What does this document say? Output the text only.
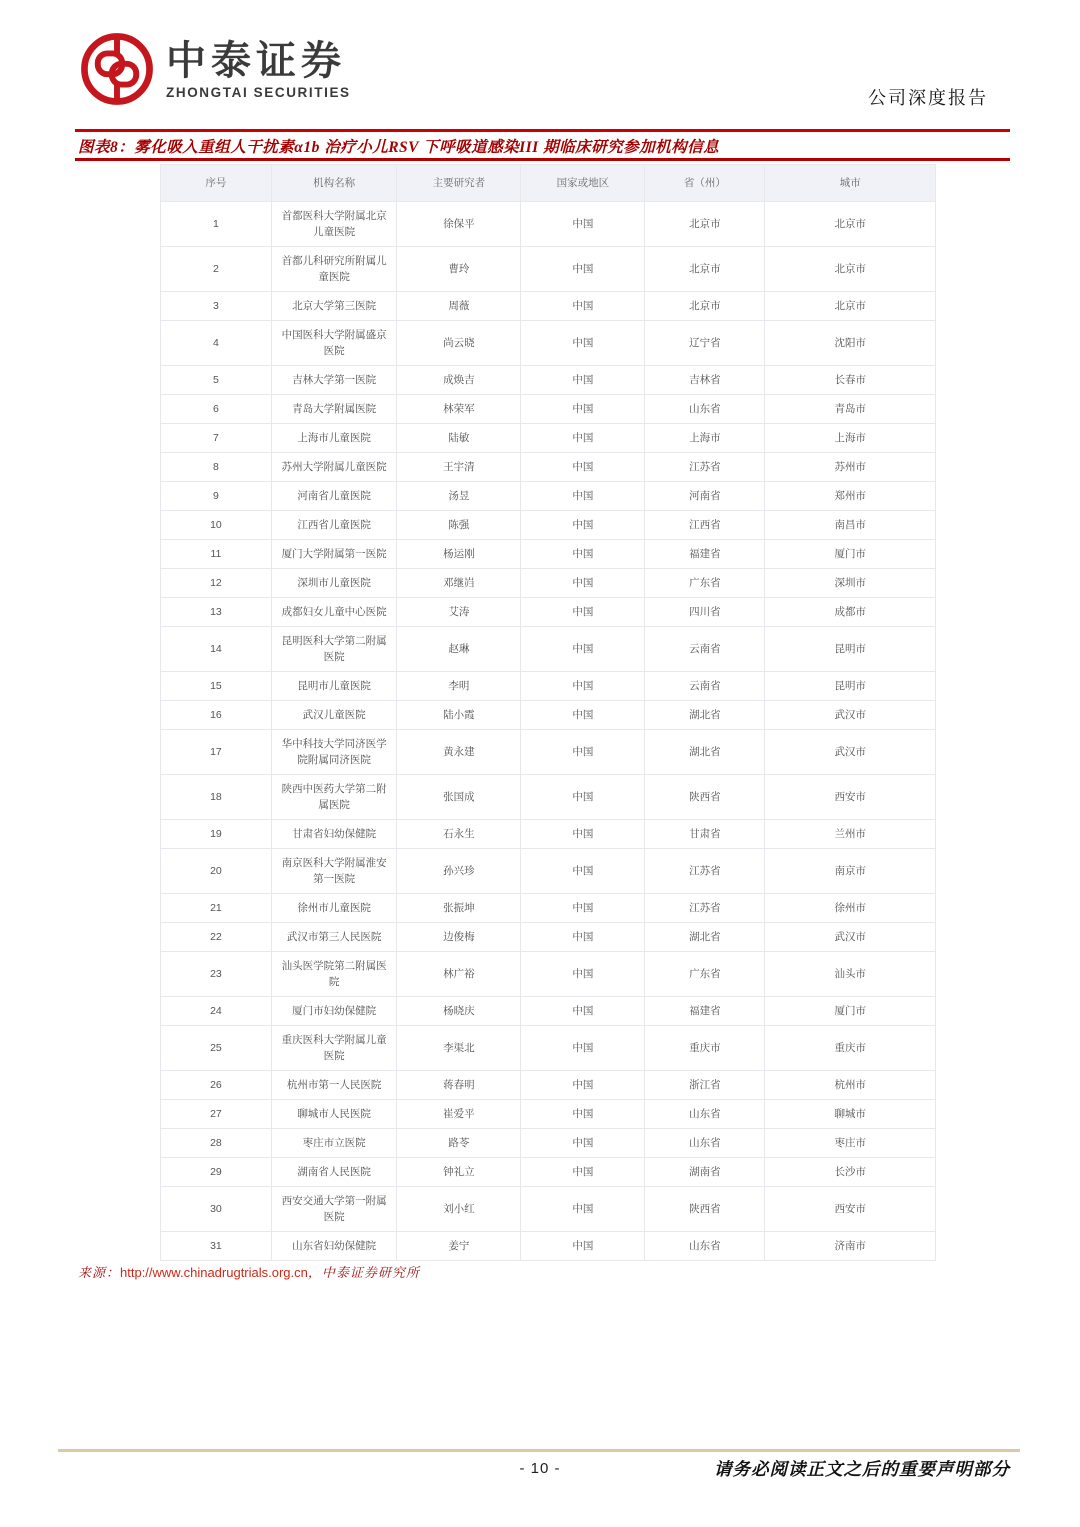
中泰证券
ZHONGTAI SECURITIES	公司深度报告
图表8：雾化吸入重组人干扰素α1b 治疗小儿RSV 下呼吸道感染III 期临床研究参加机构信息
序号	机构名称	主要研究者	国家或地区	省（州）	城市
1	首都医科大学附属北京儿童医院	徐保平	中国	北京市	北京市
2	首都儿科研究所附属儿童医院	曹玲	中国	北京市	北京市
3	北京大学第三医院	周薇	中国	北京市	北京市
4	中国医科大学附属盛京医院	尚云晓	中国	辽宁省	沈阳市
5	吉林大学第一医院	成焕吉	中国	吉林省	长春市
6	青岛大学附属医院	林荣军	中国	山东省	青岛市
7	上海市儿童医院	陆敏	中国	上海市	上海市
8	苏州大学附属儿童医院	王宇清	中国	江苏省	苏州市
9	河南省儿童医院	汤昱	中国	河南省	郑州市
10	江西省儿童医院	陈强	中国	江西省	南昌市
11	厦门大学附属第一医院	杨运刚	中国	福建省	厦门市
12	深圳市儿童医院	邓继岿	中国	广东省	深圳市
13	成都妇女儿童中心医院	艾涛	中国	四川省	成都市
14	昆明医科大学第二附属医院	赵琳	中国	云南省	昆明市
15	昆明市儿童医院	李明	中国	云南省	昆明市
16	武汉儿童医院	陆小霞	中国	湖北省	武汉市
17	华中科技大学同济医学院附属同济医院	黄永建	中国	湖北省	武汉市
18	陕西中医药大学第二附属医院	张国成	中国	陕西省	西安市
19	甘肃省妇幼保健院	石永生	中国	甘肃省	兰州市
20	南京医科大学附属淮安第一医院	孙兴珍	中国	江苏省	南京市
21	徐州市儿童医院	张振坤	中国	江苏省	徐州市
22	武汉市第三人民医院	边俊梅	中国	湖北省	武汉市
23	汕头医学院第二附属医院	林广裕	中国	广东省	汕头市
24	厦门市妇幼保健院	杨晓庆	中国	福建省	厦门市
25	重庆医科大学附属儿童医院	李渠北	中国	重庆市	重庆市
26	杭州市第一人民医院	蒋春明	中国	浙江省	杭州市
27	聊城市人民医院	崔爱平	中国	山东省	聊城市
28	枣庄市立医院	路苓	中国	山东省	枣庄市
29	湖南省人民医院	钟礼立	中国	湖南省	长沙市
30	西安交通大学第一附属医院	刘小红	中国	陕西省	西安市
31	山东省妇幼保健院	姜宁	中国	山东省	济南市
来源：http://www.chinadrugtrials.org.cn，中泰证券研究所
- 10 -	请务必阅读正文之后的重要声明部分
